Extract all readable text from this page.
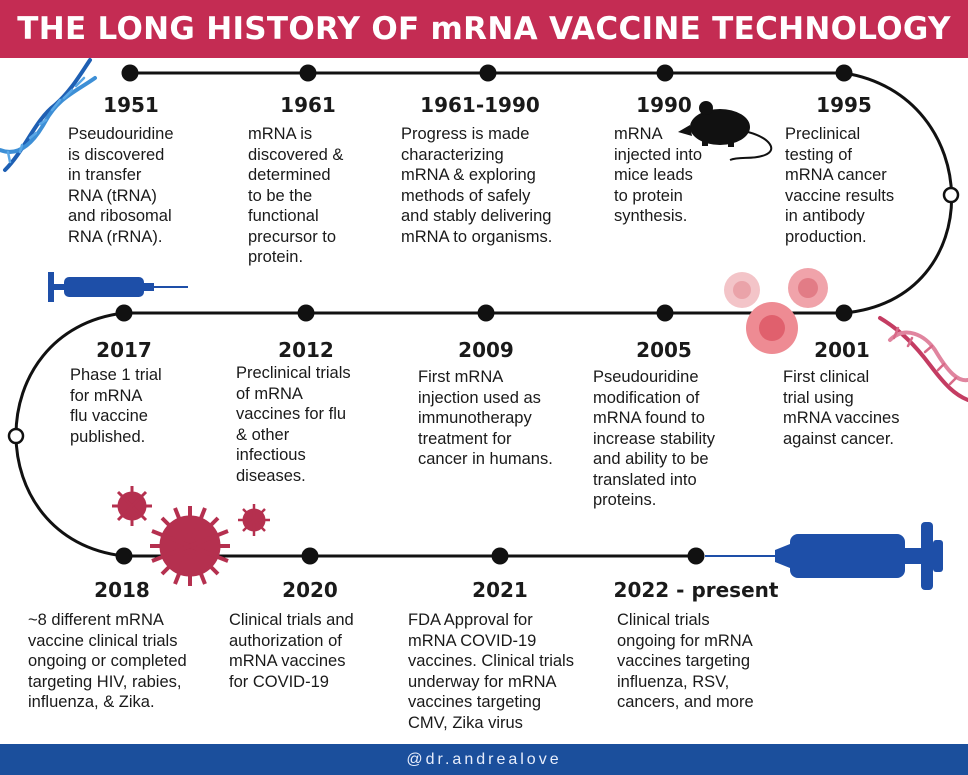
THE LONG HISTORY OF mRNA VACCINE TECHNOLOGY
1951
Pseudouridine
is discovered
in transfer
RNA (tRNA)
and ribosomal
RNA (rRNA).
1961
mRNA is
discovered &
determined
to be the
functional
precursor to
protein.
1961-1990
Progress is made
characterizing
mRNA & exploring
methods of safely
and stably delivering
mRNA to organisms.
1990
mRNA
injected into
mice leads
to protein
synthesis.
1995
Preclinical
testing of
mRNA cancer
vaccine results
in antibody
production.
2001
First clinical
trial using
mRNA vaccines
against cancer.
2005
Pseudouridine
modification of
mRNA found to
increase stability
and ability to be
translated into
proteins.
2009
First mRNA
injection used as
immunotherapy
treatment for
cancer in humans.
2012
Preclinical trials
of mRNA
vaccines for flu
& other
infectious
diseases.
2017
Phase 1 trial
for mRNA
flu vaccine
published.
2018
~8 different mRNA
vaccine clinical trials
ongoing or completed
targeting HIV, rabies,
influenza, & Zika.
2020
Clinical trials and
authorization of
mRNA vaccines
for COVID-19
2021
FDA Approval for
mRNA COVID-19
vaccines. Clinical trials
underway for mRNA
vaccines targeting
CMV, Zika virus
2022 - present
Clinical trials
ongoing for mRNA
vaccines targeting
influenza, RSV,
cancers, and more
@dr.andrealove
